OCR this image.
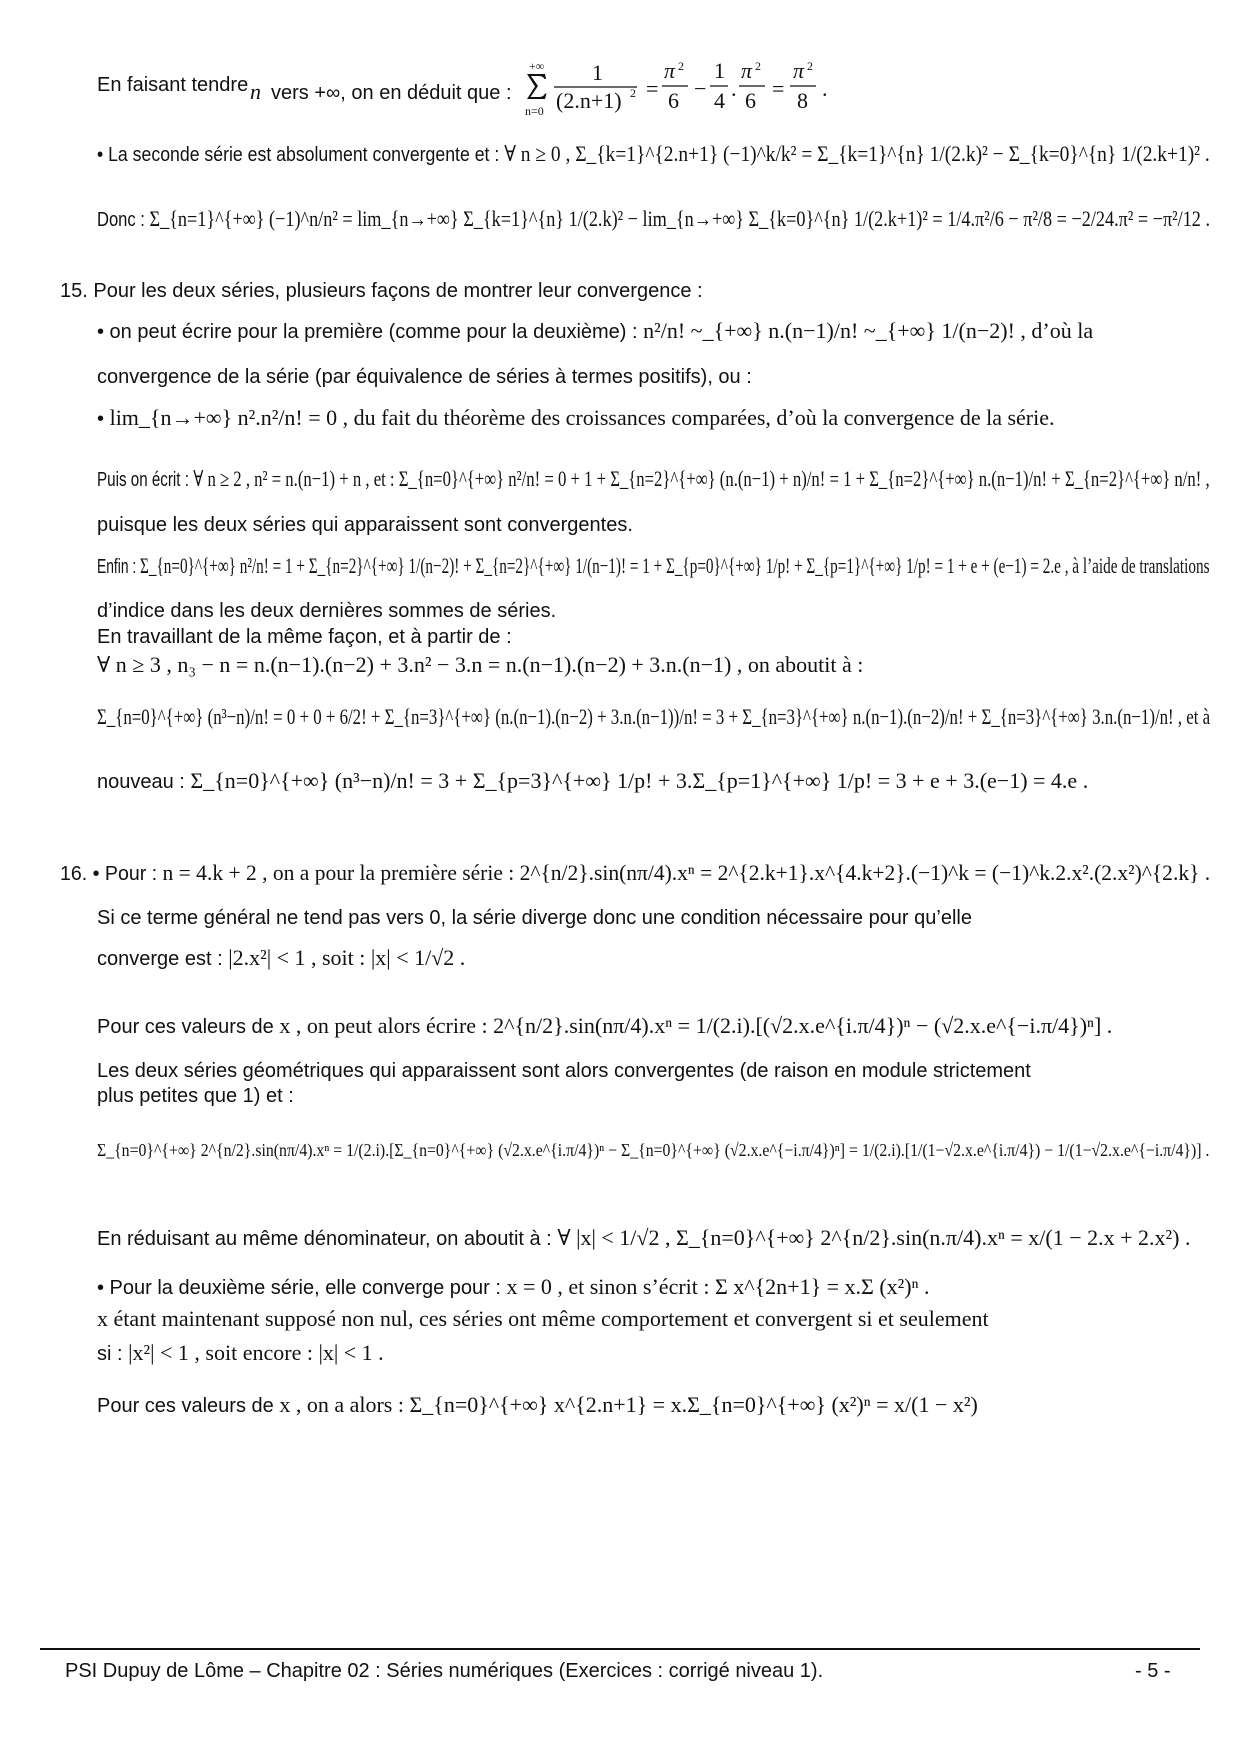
En faisant tendre n vers +∞, on en déduit que :
+∞
n=0
1
(2.n+1) 2 =
π 2
6 −
1
4 .
π 2
6 =
π 2
8 .
• La seconde série est absolument convergente et : ∀ n ≥ 0 , Σ_{k=1}^{2.n+1} (−1)^k/k² = Σ_{k=1}^{n} 1/(2.k)² − Σ_{k=0}^{n} 1/(2.k+1)² .
Donc : Σ_{n=1}^{+∞} (−1)^n/n² = lim_{n→+∞} Σ_{k=1}^{n} 1/(2.k)² − lim_{n→+∞} Σ_{k=0}^{n} 1/(2.k+1)² = 1/4.π²/6 − π²/8 = −2/24.π² = −π²/12 .
15. Pour les deux séries, plusieurs façons de montrer leur convergence :
• on peut écrire pour la première (comme pour la deuxième) : n²/n! ~_{+∞} n.(n−1)/n! ~_{+∞} 1/(n−2)! , d’où la
convergence de la série (par équivalence de séries à termes positifs), ou :
• lim_{n→+∞} n².n²/n! = 0 , du fait du théorème des croissances comparées, d’où la convergence de la série.
Puis on écrit : ∀ n ≥ 2 , n² = n.(n−1) + n , et : Σ_{n=0}^{+∞} n²/n! = 0 + 1 + Σ_{n=2}^{+∞} (n.(n−1) + n)/n! = 1 + Σ_{n=2}^{+∞} n.(n−1)/n! + Σ_{n=2}^{+∞} n/n! ,
puisque les deux séries qui apparaissent sont convergentes.
Enfin : Σ_{n=0}^{+∞} n²/n! = 1 + Σ_{n=2}^{+∞} 1/(n−2)! + Σ_{n=2}^{+∞} 1/(n−1)! = 1 + Σ_{p=0}^{+∞} 1/p! + Σ_{p=1}^{+∞} 1/p! = 1 + e + (e−1) = 2.e , à l’aide de translations
d’indice dans les deux dernières sommes de séries.
En travaillant de la même façon, et à partir de :
∀ n ≥ 3 , n₃ − n = n.(n−1).(n−2) + 3.n² − 3.n = n.(n−1).(n−2) + 3.n.(n−1) , on aboutit à :
Σ_{n=0}^{+∞} (n³−n)/n! = 0 + 0 + 6/2! + Σ_{n=3}^{+∞} (n.(n−1).(n−2) + 3.n.(n−1))/n! = 3 + Σ_{n=3}^{+∞} n.(n−1).(n−2)/n! + Σ_{n=3}^{+∞} 3.n.(n−1)/n! , et à
nouveau : Σ_{n=0}^{+∞} (n³−n)/n! = 3 + Σ_{p=3}^{+∞} 1/p! + 3.Σ_{p=1}^{+∞} 1/p! = 3 + e + 3.(e−1) = 4.e .
16. • Pour : n = 4.k + 2 , on a pour la première série : 2^{n/2}.sin(nπ/4).xⁿ = 2^{2.k+1}.x^{4.k+2}.(−1)^k = (−1)^k.2.x².(2.x²)^{2.k} .
Si ce terme général ne tend pas vers 0, la série diverge donc une condition nécessaire pour qu’elle
converge est : |2.x²| < 1 , soit : |x| < 1/√2 .
Pour ces valeurs de x , on peut alors écrire : 2^{n/2}.sin(nπ/4).xⁿ = 1/(2.i).[(√2.x.e^{i.π/4})ⁿ − (√2.x.e^{−i.π/4})ⁿ] .
Les deux séries géométriques qui apparaissent sont alors convergentes (de raison en module strictement
plus petites que 1) et :
Σ_{n=0}^{+∞} 2^{n/2}.sin(nπ/4).xⁿ = 1/(2.i).[Σ_{n=0}^{+∞} (√2.x.e^{i.π/4})ⁿ − Σ_{n=0}^{+∞} (√2.x.e^{−i.π/4})ⁿ] = 1/(2.i).[1/(1−√2.x.e^{i.π/4}) − 1/(1−√2.x.e^{−i.π/4})] .
En réduisant au même dénominateur, on aboutit à : ∀ |x| < 1/√2 , Σ_{n=0}^{+∞} 2^{n/2}.sin(n.π/4).xⁿ = x/(1 − 2.x + 2.x²) .
• Pour la deuxième série, elle converge pour : x = 0 , et sinon s’écrit : Σ x^{2n+1} = x.Σ (x²)ⁿ .
x étant maintenant supposé non nul, ces séries ont même comportement et convergent si et seulement
si : |x²| < 1 , soit encore : |x| < 1 .
Pour ces valeurs de x , on a alors : Σ_{n=0}^{+∞} x^{2.n+1} = x.Σ_{n=0}^{+∞} (x²)ⁿ = x/(1 − x²)
PSI Dupuy de Lôme – Chapitre 02 : Séries numériques (Exercices : corrigé niveau 1).	- 5 -
